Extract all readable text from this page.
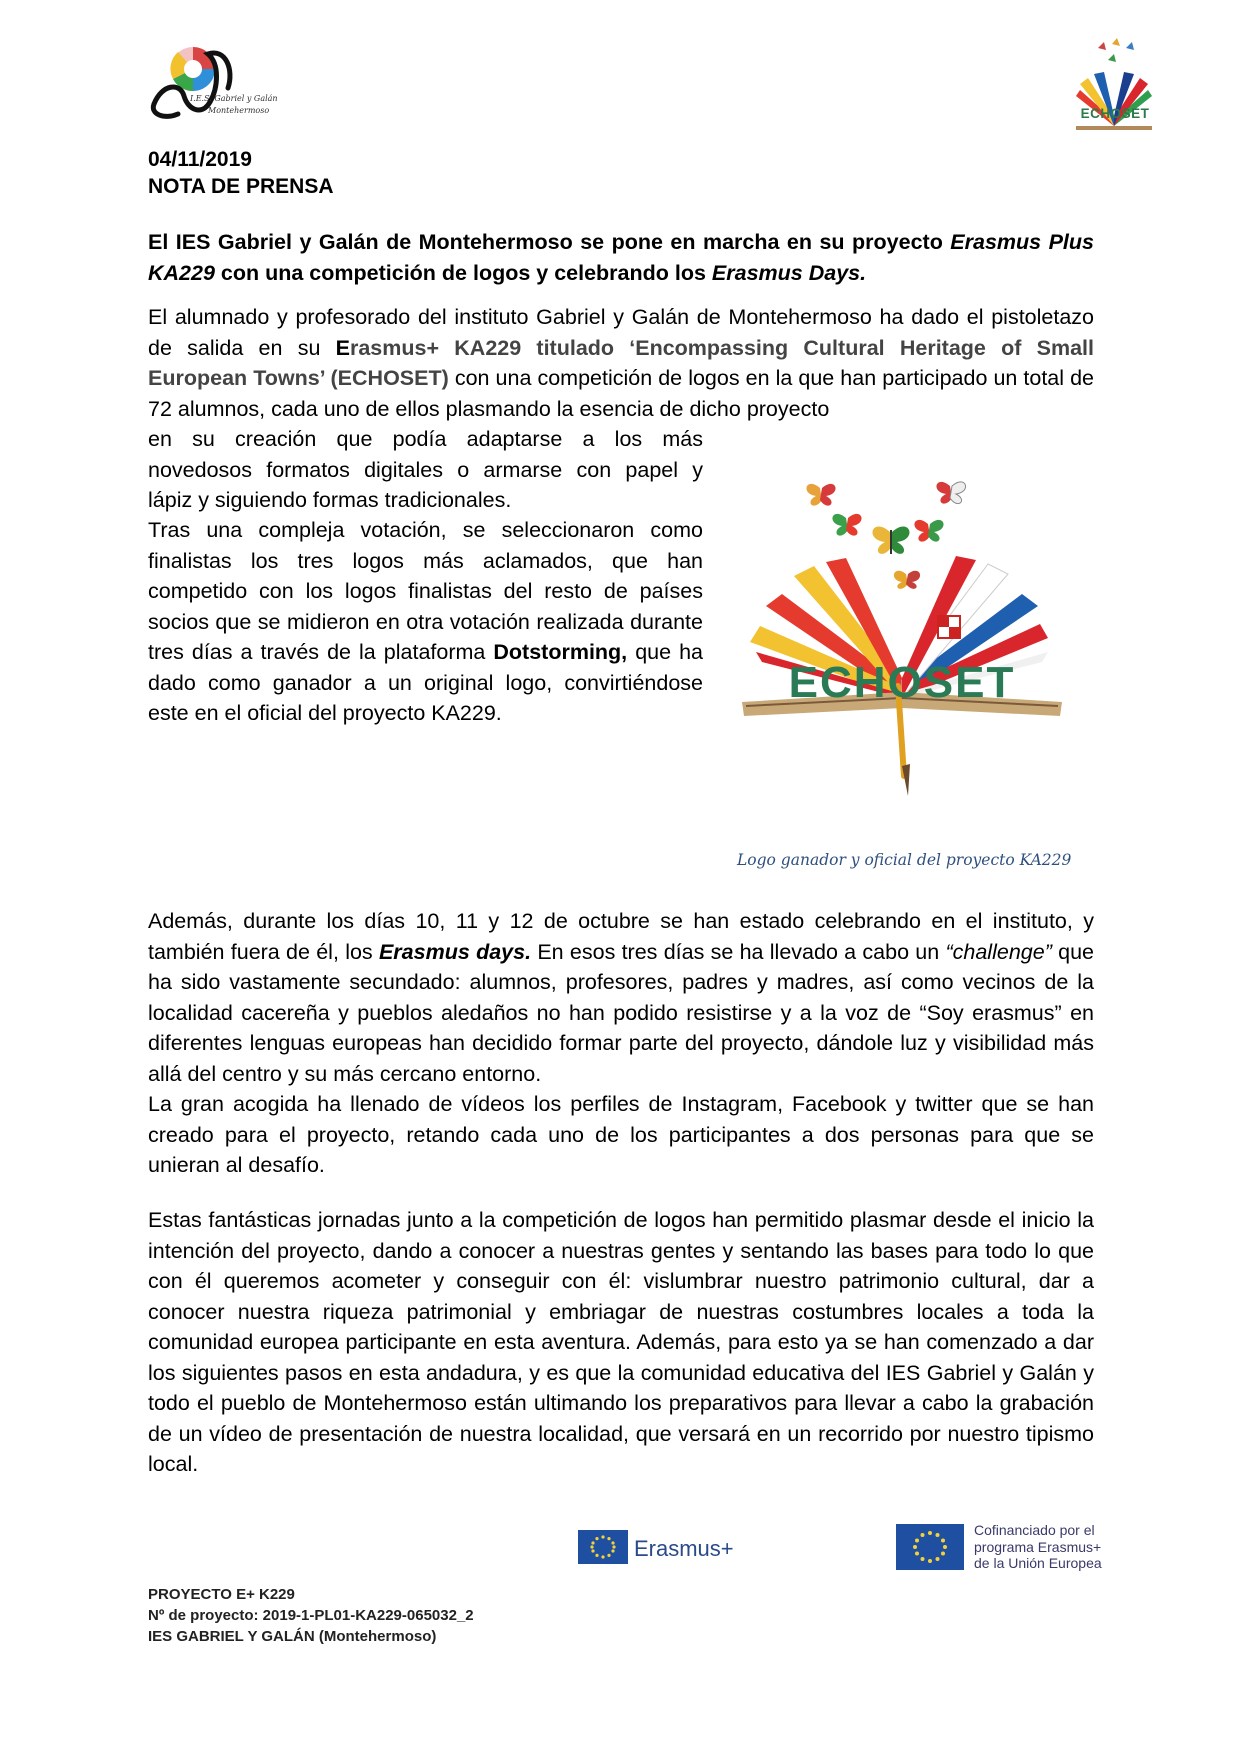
I.E.S. Gabriel y Galán
Montehermoso	ECHOSET
04/11/2019
NOTA DE PRENSA

El IES Gabriel y Galán de Montehermoso se pone en marcha en su proyecto Erasmus Plus KA229 con una competición de logos y celebrando los Erasmus Days.

El alumnado y profesorado del instituto Gabriel y Galán de Montehermoso ha dado el pistoletazo de salida en su Erasmus+ KA229 titulado ‘Encompassing Cultural Heritage of Small European Towns’ (ECHOSET) con una competición de logos en la que han participado un total de 72 alumnos, cada uno de ellos plasmando la esencia de dicho proyecto

en su creación que podía adaptarse a los más

novedosos formatos digitales o armarse con papel y

lápiz y siguiendo formas tradicionales.

Tras una compleja votación, se seleccionaron como finalistas los tres logos más aclamados, que han competido con los logos finalistas del resto de países socios que se midieron en otra votación realizada durante tres días a través de la plataforma Dotstorming, que ha dado como ganador a un original logo, convirtiéndose este en el oficial del proyecto KA229.

ECHOSET
Logo ganador y oficial del proyecto KA229

Además, durante los días 10, 11 y 12 de octubre se han estado celebrando en el instituto, y también fuera de él, los Erasmus days. En esos tres días se ha llevado a cabo un “challenge” que ha sido vastamente secundado: alumnos, profesores, padres y madres, así como vecinos de la localidad cacereña y pueblos aledaños no han podido resistirse y a la voz de “Soy erasmus” en diferentes lenguas europeas han decidido formar parte del proyecto, dándole luz y visibilidad más allá del centro y su más cercano entorno.

La gran acogida ha llenado de vídeos los perfiles de Instagram, Facebook y twitter que se han creado para el proyecto, retando cada uno de los participantes a dos personas para que se unieran al desafío.

Estas fantásticas jornadas junto a la competición de logos han permitido plasmar desde el inicio la intención del proyecto, dando a conocer a nuestras gentes y sentando las bases para todo lo que con él queremos acometer y conseguir con él: vislumbrar nuestro patrimonio cultural, dar a conocer nuestra riqueza patrimonial y embriagar de nuestras costumbres locales a toda la comunidad europea participante en esta aventura. Además, para esto ya se han comenzado a dar los siguientes pasos en esta andadura, y es que la comunidad educativa del IES Gabriel y Galán y todo el pueblo de Montehermoso están ultimando los preparativos para llevar a cabo la grabación de un vídeo de presentación de nuestra localidad, que versará en un recorrido por nuestro tipismo local.

Erasmus+
Cofinanciado por el
programa Erasmus+
de la Unión Europea
PROYECTO E+ K229
Nº de proyecto: 2019-1-PL01-KA229-065032_2
IES GABRIEL Y GALÁN (Montehermoso)
